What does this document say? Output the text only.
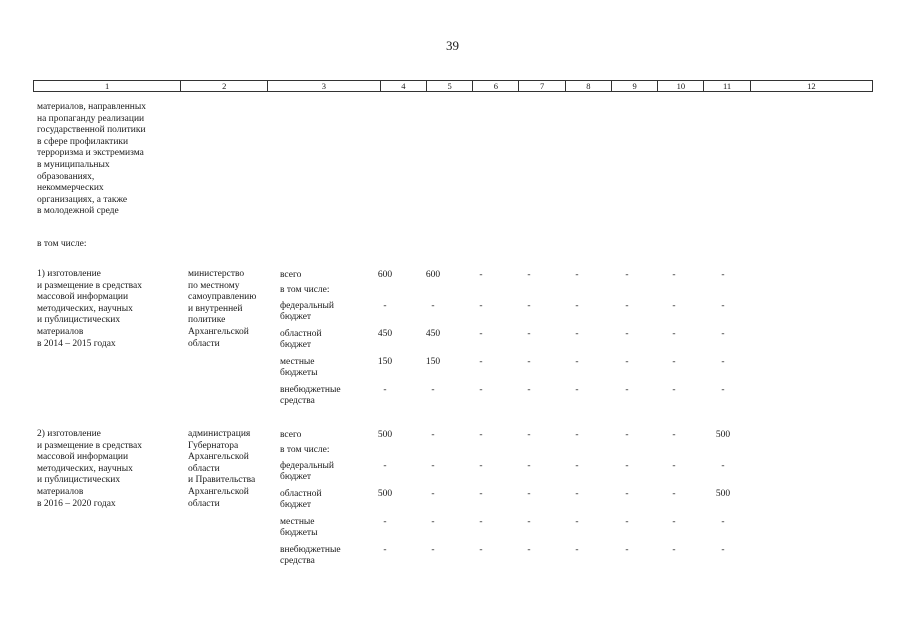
39
1	2	3	4	5	6	7	8	9	10	11	12
материалов, направленных
на пропаганду реализации
государственной политики
в сфере профилактики
терроризма и экстремизма
в муниципальных
образованиях,
некоммерческих
организациях, а также
в молодежной среде
в том числе:
1) изготовление
и размещение в средствах
массовой информации
методических, научных
и публицистических
материалов
в 2014 – 2015 годах
министерство
по местному
самоуправлению
и внутренней
политике
Архангельской
области
всего	600	600	-	-	-	-	-	-
в том числе:
федеральный
бюджет
-	-	-	-	-	-	-	-
областной
бюджет
450	450	-	-	-	-	-	-
местные
бюджеты
150	150	-	-	-	-	-	-
внебюджетные
средства
-	-	-	-	-	-	-	-
2) изготовление
и размещение в средствах
массовой информации
методических, научных
и публицистических
материалов
в 2016 – 2020 годах
администрация
Губернатора
Архангельской
области
и Правительства
Архангельской
области
всего	500	-	-	-	-	-	-	500
в том числе:
федеральный
бюджет
-	-	-	-	-	-	-	-
областной
бюджет
500	-	-	-	-	-	-	500
местные
бюджеты
-	-	-	-	-	-	-	-
внебюджетные
средства
-	-	-	-	-	-	-	-
